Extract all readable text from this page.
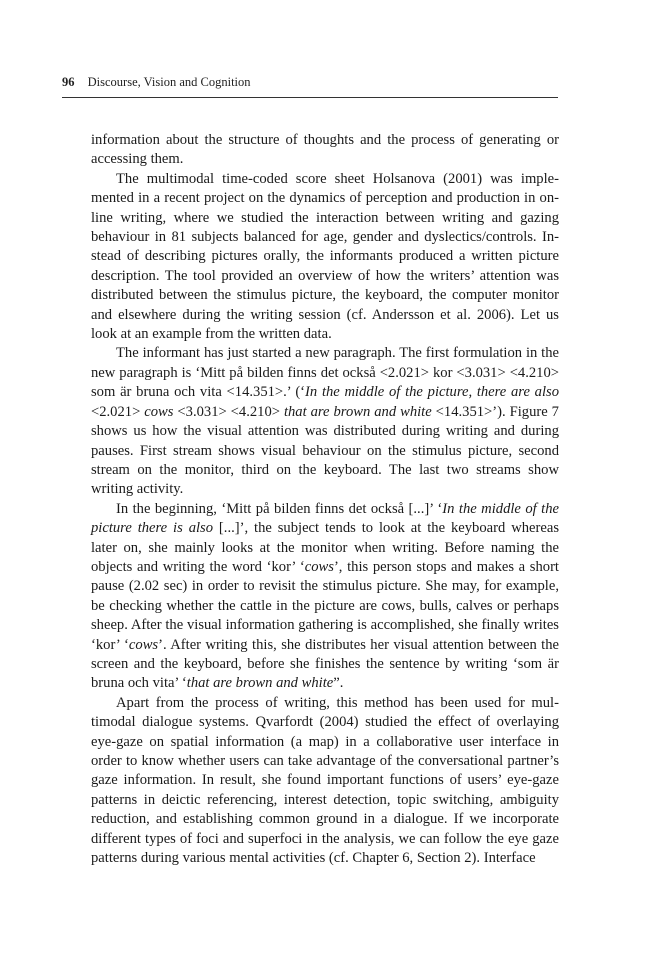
96 Discourse, Vision and Cognition

information about the structure of thoughts and the process of generating or accessing them.

The multimodal time-coded score sheet Holsanova (2001) was implemented in a recent project on the dynamics of perception and production in on-line writing, where we studied the interaction between writing and gazing behaviour in 81 subjects balanced for age, gender and dyslectics/controls. Instead of describing pictures orally, the informants produced a written picture description. The tool provided an overview of how the writers’ attention was distributed between the stimulus picture, the keyboard, the computer monitor and elsewhere during the writing session (cf. Andersson et al. 2006). Let us look at an example from the written data.

The informant has just started a new paragraph. The first formulation in the new paragraph is ‘Mitt på bilden finns det också <2.021> kor <3.031> <4.210> som är bruna och vita <14.351>.’ (‘In the middle of the picture, there are also <2.021> cows <3.031> <4.210> that are brown and white <14.351>’). Figure 7 shows us how the visual attention was distributed during writing and during pauses. First stream shows visual behaviour on the stimulus picture, second stream on the monitor, third on the keyboard. The last two streams show writing activity.

In the beginning, ‘Mitt på bilden finns det också [...]’ ‘In the middle of the picture there is also [...]’, the subject tends to look at the keyboard whereas later on, she mainly looks at the monitor when writing. Before naming the objects and writing the word ‘kor’ ‘cows’, this person stops and makes a short pause (2.02 sec) in order to revisit the stimulus picture. She may, for example, be checking whether the cattle in the picture are cows, bulls, calves or perhaps sheep. After the visual information gathering is accomplished, she finally writes ‘kor’ ‘cows’. After writing this, she distributes her visual attention between the screen and the keyboard, before she finishes the sentence by writing ‘som är bruna och vita’ ‘that are brown and white”.

Apart from the process of writing, this method has been used for multimodal dialogue systems. Qvarfordt (2004) studied the effect of overlaying eye-gaze on spatial information (a map) in a collaborative user interface in order to know whether users can take advantage of the conversational partner’s gaze information. In result, she found important functions of users’ eye-gaze patterns in deictic referencing, interest detection, topic switching, ambiguity reduction, and establishing common ground in a dialogue. If we incorporate different types of foci and superfoci in the analysis, we can follow the eye gaze patterns during various mental activities (cf. Chapter 6, Section 2). Interface
